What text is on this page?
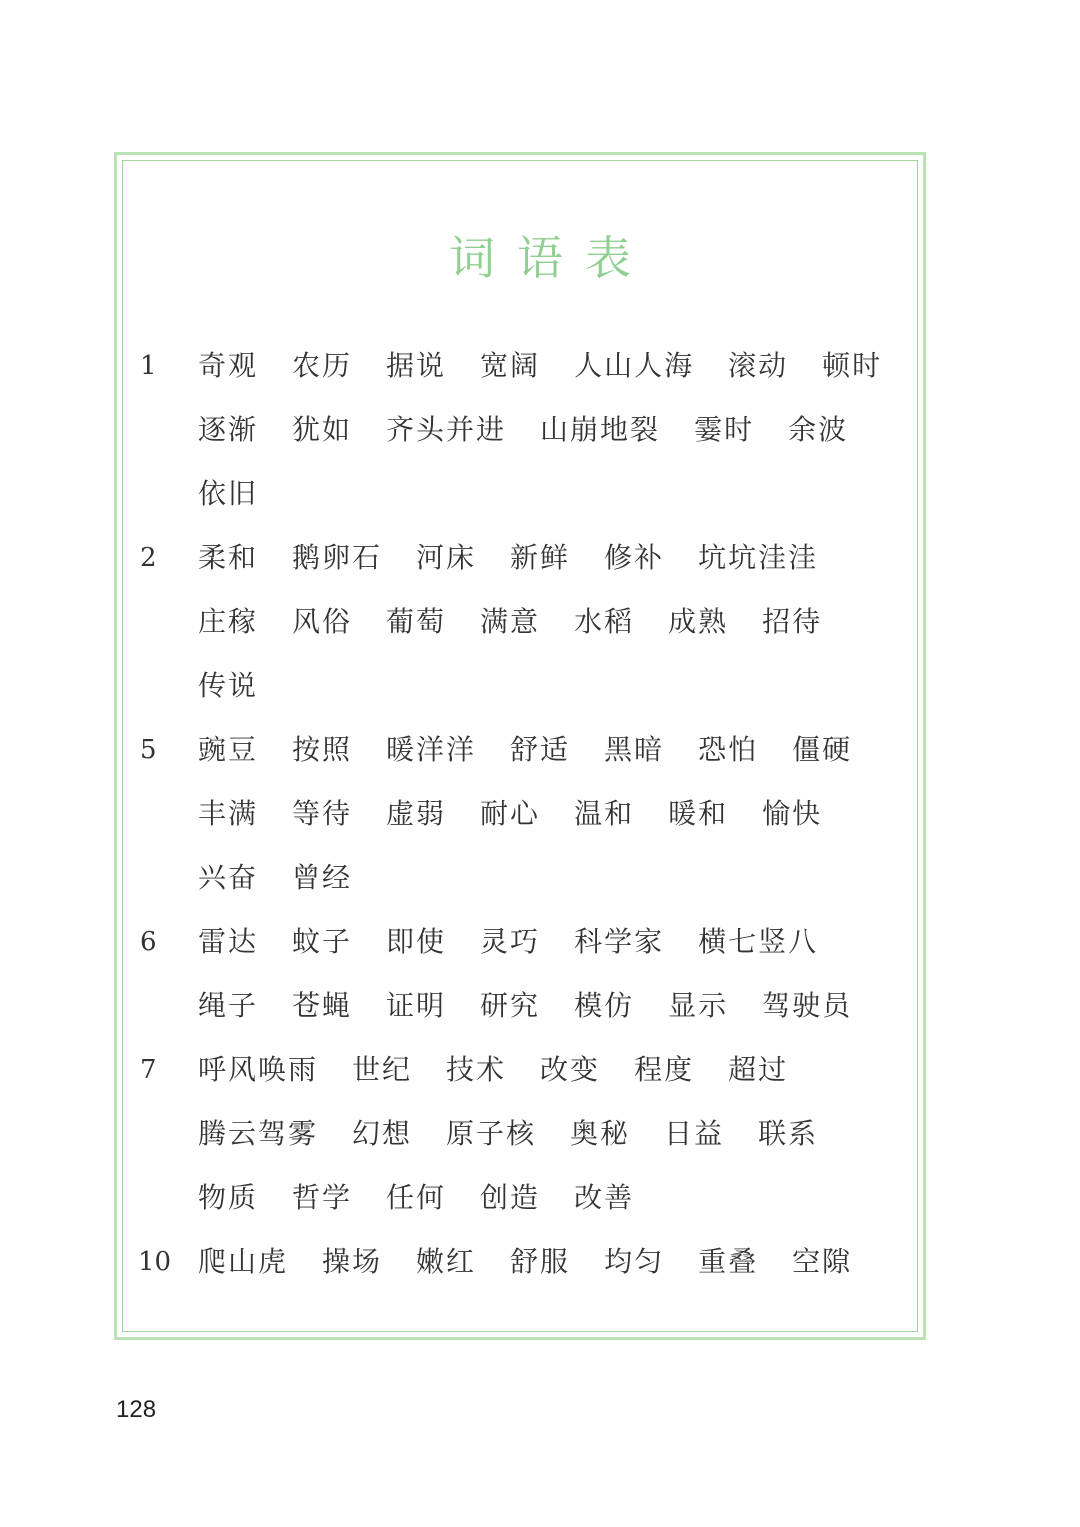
词语表
1	奇观 农历 据说 宽阔 人山人海 滚动 顿时
逐渐 犹如 齐头并进 山崩地裂 霎时 余波
依旧
2	柔和 鹅卵石 河床 新鲜 修补 坑坑洼洼
庄稼 风俗 葡萄 满意 水稻 成熟 招待
传说
5	豌豆 按照 暖洋洋 舒适 黑暗 恐怕 僵硬
丰满 等待 虚弱 耐心 温和 暖和 愉快
兴奋 曾经
6	雷达 蚊子 即使 灵巧 科学家 横七竖八
绳子 苍蝇 证明 研究 模仿 显示 驾驶员
7	呼风唤雨 世纪 技术 改变 程度 超过
腾云驾雾 幻想 原子核 奥秘 日益 联系
物质 哲学 任何 创造 改善
10 爬山虎 操场 嫩红 舒服 均匀 重叠 空隙
128
